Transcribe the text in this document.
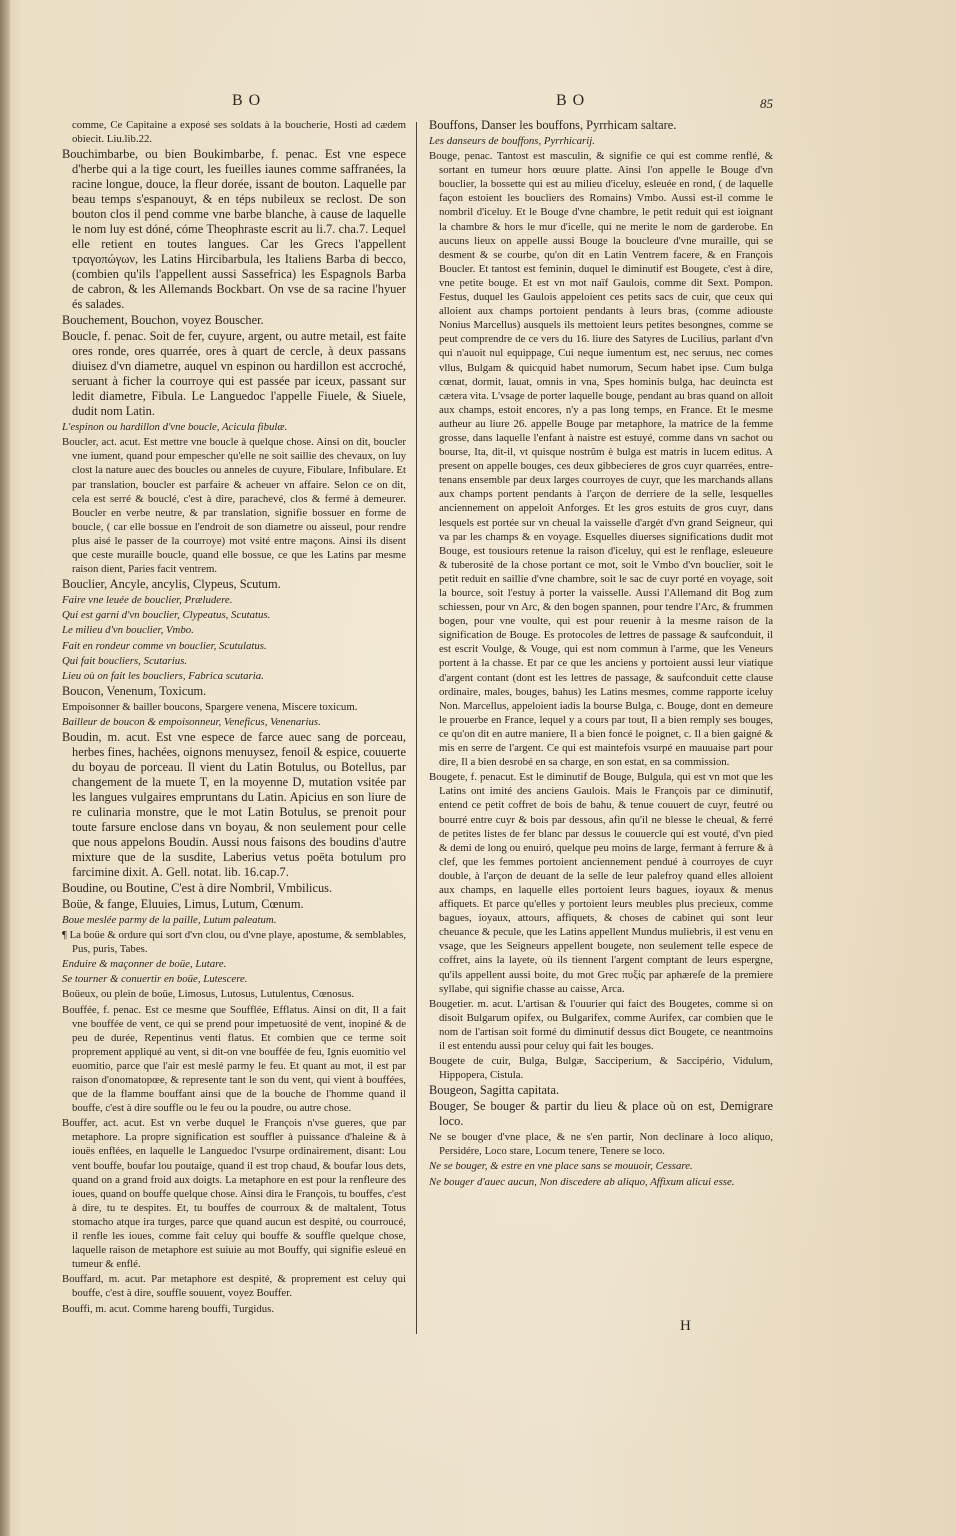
BO	BO	85

comme, Ce Capitaine a exposé ses soldats à la boucherie, Hosti ad cædem obiecit. Liu.lib.22.

Bouchimbarbe, ou bien Boukimbarbe, f. penac. Est vne espece d'herbe qui a la tige court, les fueilles iaunes comme saffranées, la racine longue, douce, la fleur dorée, issant de bouton. Laquelle par beau temps s'espanouyt, & en téps nubileux se reclost. De son bouton clos il pend comme vne barbe blanche, à cause de laquelle le nom luy est dóné, cóme Theophraste escrit au li.7. cha.7. Lequel elle retient en toutes langues. Car les Grecs l'appellent τραγοπώγων, les Latins Hircibarbula, les Italiens Barba di becco, (combien qu'ils l'appellent aussi Sassefrica) les Espagnols Barba de cabron, & les Allemands Bockbart. On vse de sa racine l'hyuer és salades.

Bouchement, Bouchon, voyez Bouscher.

Boucle, f. penac. Soit de fer, cuyure, argent, ou autre metail, est faite ores ronde, ores quarrée, ores à quart de cercle, à deux passans diuisez d'vn diametre, auquel vn espinon ou hardillon est accroché, seruant à ficher la courroye qui est passée par iceux, passant sur ledit diametre, Fibula. Le Languedoc l'appelle Fiuele, & Siuele, dudit nom Latin.

L'espinon ou hardillon d'vne boucle, Acicula fibulæ.

Boucler, act. acut. Est mettre vne boucle à quelque chose. Ainsi on dit, boucler vne iument, quand pour empescher qu'elle ne soit saillie des chevaux, on luy clost la nature auec des boucles ou anneles de cuyure, Fibulare, Infibulare. Et par translation, boucler est parfaire & acheuer vn affaire. Selon ce on dit, cela est serré & bouclé, c'est à dire, parachevé, clos & fermé à demeurer. Boucler en verbe neutre, & par translation, signifie bossuer en forme de boucle, ( car elle bossue en l'endroit de son diametre ou aisseul, pour rendre plus aisé le passer de la courroye) mot vsité entre maçons. Ainsi ils disent que ceste muraille boucle, quand elle bossue, ce que les Latins par mesme raison dient, Paries facit ventrem.

Bouclier, Ancyle, ancylis, Clypeus, Scutum.

Faire vne leuée de bouclier, Præludere.

Qui est garni d'vn bouclier, Clypeatus, Scutatus.

Le milieu d'vn bouclier, Vmbo.

Fait en rondeur comme vn bouclier, Scutulatus.

Qui fait boucliers, Scutarius.

Lieu où on fait les boucliers, Fabrica scutaria.

Boucon, Venenum, Toxicum.

Empoisonner & bailler boucons, Spargere venena, Miscere toxicum.

Bailleur de boucon & empoisonneur, Veneficus, Venenarius.

Boudin, m. acut. Est vne espece de farce auec sang de porceau, herbes fines, hachées, oignons menuysez, fenoil & espice, couuerte du boyau de porceau. Il vient du Latin Botulus, ou Botellus, par changement de la muete T, en la moyenne D, mutation vsitée par les langues vulgaires empruntans du Latin. Apicius en son liure de re culinaria monstre, que le mot Latin Botulus, se prenoit pour toute farsure enclose dans vn boyau, & non seulement pour celle que nous appelons Boudin. Aussi nous faisons des boudins d'autre mixture que de la susdite, Laberius vetus poëta botulum pro farcimine dixit. A. Gell. notat. lib. 16.cap.7.

Boudine, ou Boutine, C'est à dire Nombril, Vmbilicus.

Boüe, & fange, Eluuies, Limus, Lutum, Cœnum.

Boue meslée parmy de la paille, Lutum paleatum.

¶ La boüe & ordure qui sort d'vn clou, ou d'vne playe, apostume, & semblables, Pus, puris, Tabes.

Enduire & maçonner de boüe, Lutare.

Se tourner & conuertir en boüe, Lutescere.

Boüeux, ou plein de boüe, Limosus, Lutosus, Lutulentus, Cœnosus.

Bouffée, f. penac. Est ce mesme que Soufflée, Efflatus. Ainsi on dit, Il a fait vne bouffée de vent, ce qui se prend pour impetuosité de vent, inopiné & de peu de durée, Repentinus venti flatus. Et combien que ce terme soit proprement appliqué au vent, si dit-on vne bouffée de feu, Ignis euomitio vel euomitio, parce que l'air est meslé parmy le feu. Et quant au mot, il est par raison d'onomatopœe, & represente tant le son du vent, qui vient à bouffées, que de la flamme bouffant ainsi que de la bouche de l'homme quand il bouffe, c'est à dire souffle ou le feu ou la poudre, ou autre chose.

Bouffer, act. acut. Est vn verbe duquel le François n'vse gueres, que par metaphore. La propre signification est souffler à puissance d'haleine & à iouës enflées, en laquelle le Languedoc l'vsurpe ordinairement, disant: Lou vent bouffe, boufar lou poutaige, quand il est trop chaud, & boufar lous dets, quand on a grand froid aux doigts. La metaphore en est pour la renfleure des ioues, quand on bouffe quelque chose. Ainsi dira le François, tu bouffes, c'est à dire, tu te despites. Et, tu bouffes de courroux & de maltalent, Totus stomacho atque ira turges, parce que quand aucun est despité, ou courroucé, il renfle les ioues, comme fait celuy qui bouffe & souffle quelque chose, laquelle raison de metaphore est suiuie au mot Bouffy, qui signifie esleué en tumeur & enflé.

Bouffard, m. acut. Par metaphore est despité, & proprement est celuy qui bouffe, c'est à dire, souffle souuent, voyez Bouffer.

Bouffi, m. acut. Comme hareng bouffi, Turgidus.

Bouffons, Danser les bouffons, Pyrrhicam saltare.

Les danseurs de bouffons, Pyrrhicarij.

Bouge, penac. Tantost est masculin, & signifie ce qui est comme renflé, & sortant en tumeur hors œuure platte. Ainsi l'on appelle le Bouge d'vn bouclier, la bossette qui est au milieu d'iceluy, esleuée en rond, ( de laquelle façon estoient les boucliers des Romains) Vmbo. Aussi est-il comme le nombril d'iceluy. Et le Bouge d'vne chambre, le petit reduit qui est ioignant la chambre & hors le mur d'icelle, qui ne merite le nom de garderobe. En aucuns lieux on appelle aussi Bouge la boucleure d'vne muraille, qui se desment & se courbe, qu'on dit en Latin Ventrem facere, & en François Boucler. Et tantost est feminin, duquel le diminutif est Bougete, c'est à dire, vne petite bouge. Et est vn mot naïf Gaulois, comme dit Sext. Pompon. Festus, duquel les Gaulois appeloient ces petits sacs de cuir, que ceux qui alloient aux champs portoient pendants à leurs bras, (comme adiouste Nonius Marcellus) ausquels ils mettoient leurs petites besongnes, comme se peut comprendre de ce vers du 16. liure des Satyres de Lucilius, parlant d'vn qui n'auoit nul equippage, Cui neque iumentum est, nec seruus, nec comes vllus, Bulgam & quicquid habet numorum, Secum habet ipse. Cum bulga cœnat, dormit, lauat, omnis in vna, Spes hominis bulga, hac deuincta est cætera vita. L'vsage de porter laquelle bouge, pendant au bras quand on alloit aux champs, estoit encores, n'y a pas long temps, en France. Et le mesme autheur au liure 26. appelle Bouge par metaphore, la matrice de la femme grosse, dans laquelle l'enfant à naistre est estuyé, comme dans vn sachot ou bourse, Ita, dit-il, vt quisque nostrûm è bulga est matris in lucem editus. A present on appelle bouges, ces deux gibbecieres de gros cuyr quarrées, entre-tenans ensemble par deux larges courroyes de cuyr, que les marchands allans aux champs portent pendants à l'arçon de derriere de la selle, lesquelles anciennement on appeloit Anforges. Et les gros estuits de gros cuyr, dans lesquels est portée sur vn cheual la vaisselle d'argét d'vn grand Seigneur, qui va par les champs & en voyage. Esquelles diuerses significations dudit mot Bouge, est tousiours retenue la raison d'iceluy, qui est le renflage, esleueure & tuberosité de la chose portant ce mot, soit le Vmbo d'vn bouclier, soit le petit reduit en saillie d'vne chambre, soit le sac de cuyr porté en voyage, soit la bource, soit l'estuy à porter la vaisselle. Aussi l'Allemand dit Bog zum schiessen, pour vn Arc, & den bogen spannen, pour tendre l'Arc, & frummen bogen, pour vne voulte, qui est pour reuenir à la mesme raison de la signification de Bouge. Es protocoles de lettres de passage & saufconduit, il est escrit Voulge, & Vouge, qui est nom commun à l'arme, que les Veneurs portent à la chasse. Et par ce que les anciens y portoient aussi leur viatique d'argent contant (dont est les lettres de passage, & saufconduit cette clause ordinaire, males, bouges, bahus) les Latins mesmes, comme rapporte iceluy Non. Marcellus, appeloient iadis la bourse Bulga, c. Bouge, dont en demeure le prouerbe en France, lequel y a cours par tout, Il a bien remply ses bouges, ce qu'on dit en autre maniere, Il a bien foncé le poignet, c. Il a bien gaigné & mis en serre de l'argent. Ce qui est maintefois vsurpé en mauuaise part pour dire, Il a bien desrobé en sa charge, en son estat, en sa commission.

Bougete, f. penacut. Est le diminutif de Bouge, Bulgula, qui est vn mot que les Latins ont imité des anciens Gaulois. Mais le François par ce diminutif, entend ce petit coffret de bois de bahu, & tenue couuert de cuyr, feutré ou bourré entre cuyr & bois par dessous, afin qu'il ne blesse le cheual, & ferré de petites listes de fer blanc par dessus le couuercle qui est vouté, d'vn pied & demi de long ou enuiró, quelque peu moins de large, fermant à ferrure & à clef, que les femmes portoient anciennement pendué à courroyes de cuyr double, à l'arçon de deuant de la selle de leur palefroy quand elles alloient aux champs, en laquelle elles portoient leurs bagues, ioyaux & menus affiquets. Et parce qu'elles y portoient leurs meubles plus precieux, comme bagues, ioyaux, attours, affiquets, & choses de cabinet qui sont leur cheuance & pecule, que les Latins appellent Mundus muliebris, il est venu en vsage, que les Seigneurs appellent bougete, non seulement telle espece de coffret, ains la layete, où ils tiennent l'argent comptant de leurs espergne, qu'ils appellent aussi boite, du mot Grec πυξίς par aphæreſe de la premiere syllabe, qui signifie chasse au caisse, Arca.

Bougetier. m. acut. L'artisan & l'ouurier qui faict des Bougetes, comme si on disoit Bulgarum opifex, ou Bulgarifex, comme Aurifex, car combien que le nom de l'artisan soit formé du diminutif dessus dict Bougete, ce neantmoins il est entendu aussi pour celuy qui fait les bouges.

Bougete de cuir, Bulga, Bulgæ, Sacciperium, & Saccipério, Vidulum, Hippopera, Cistula.

Bougeon, Sagitta capitata.

Bouger, Se bouger & partir du lieu & place où on est, Demigrare loco.

Ne se bouger d'vne place, & ne s'en partir, Non declinare à loco aliquo, Persidére, Loco stare, Locum tenere, Tenere se loco.

Ne se bouger, & estre en vne place sans se mouuoir, Cessare.

Ne bouger d'auec aucun, Non discedere ab aliquo, Affixum alicui esse.

H
